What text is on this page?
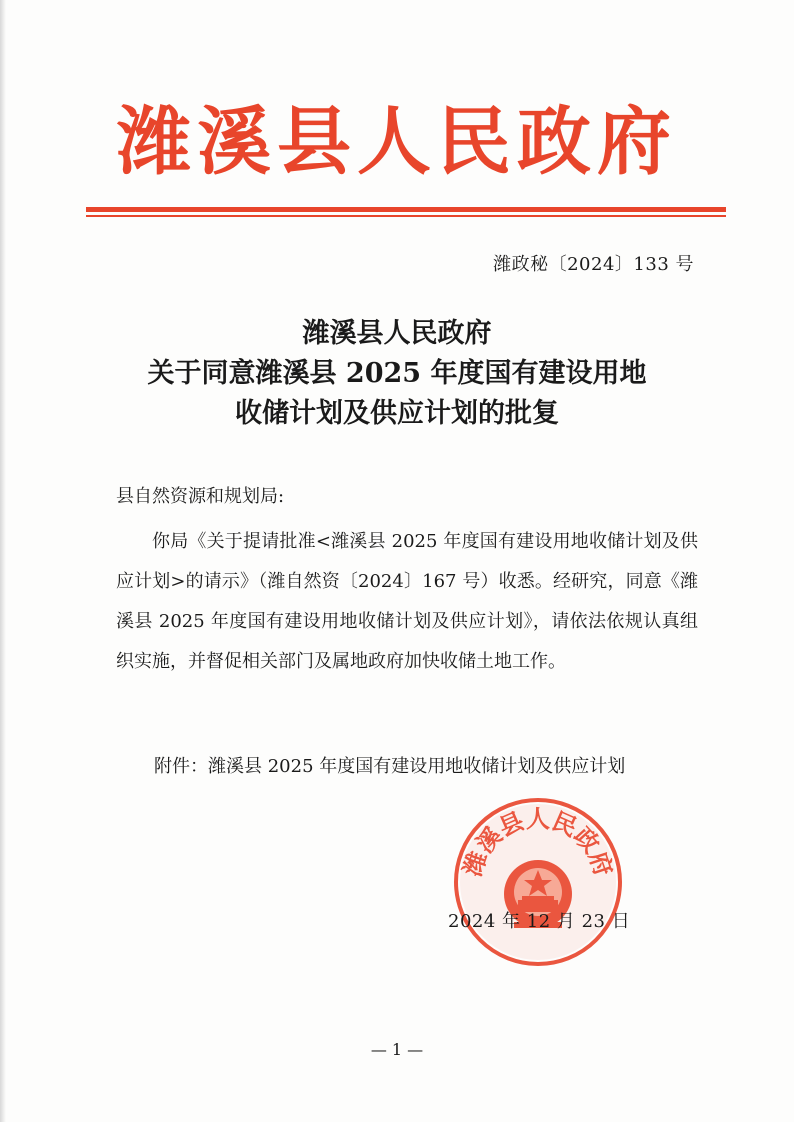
潍溪县人民政府
潍政秘〔2024〕133 号
潍溪县人民政府
关于同意潍溪县 2025 年度国有建设用地
收储计划及供应计划的批复
县自然资源和规划局:

你局《关于提请批准<潍溪县 2025 年度国有建设用地收储计划及供应计划>的请示》（潍自然资〔2024〕167 号）收悉。经研究，同意《潍溪县 2025 年度国有建设用地收储计划及供应计划》，请依法依规认真组织实施，并督促相关部门及属地政府加快收储土地工作。

附件：潍溪县 2025 年度国有建设用地收储计划及供应计划
潍溪县人民政府
2024 年 12 月 23 日
— 1 —
